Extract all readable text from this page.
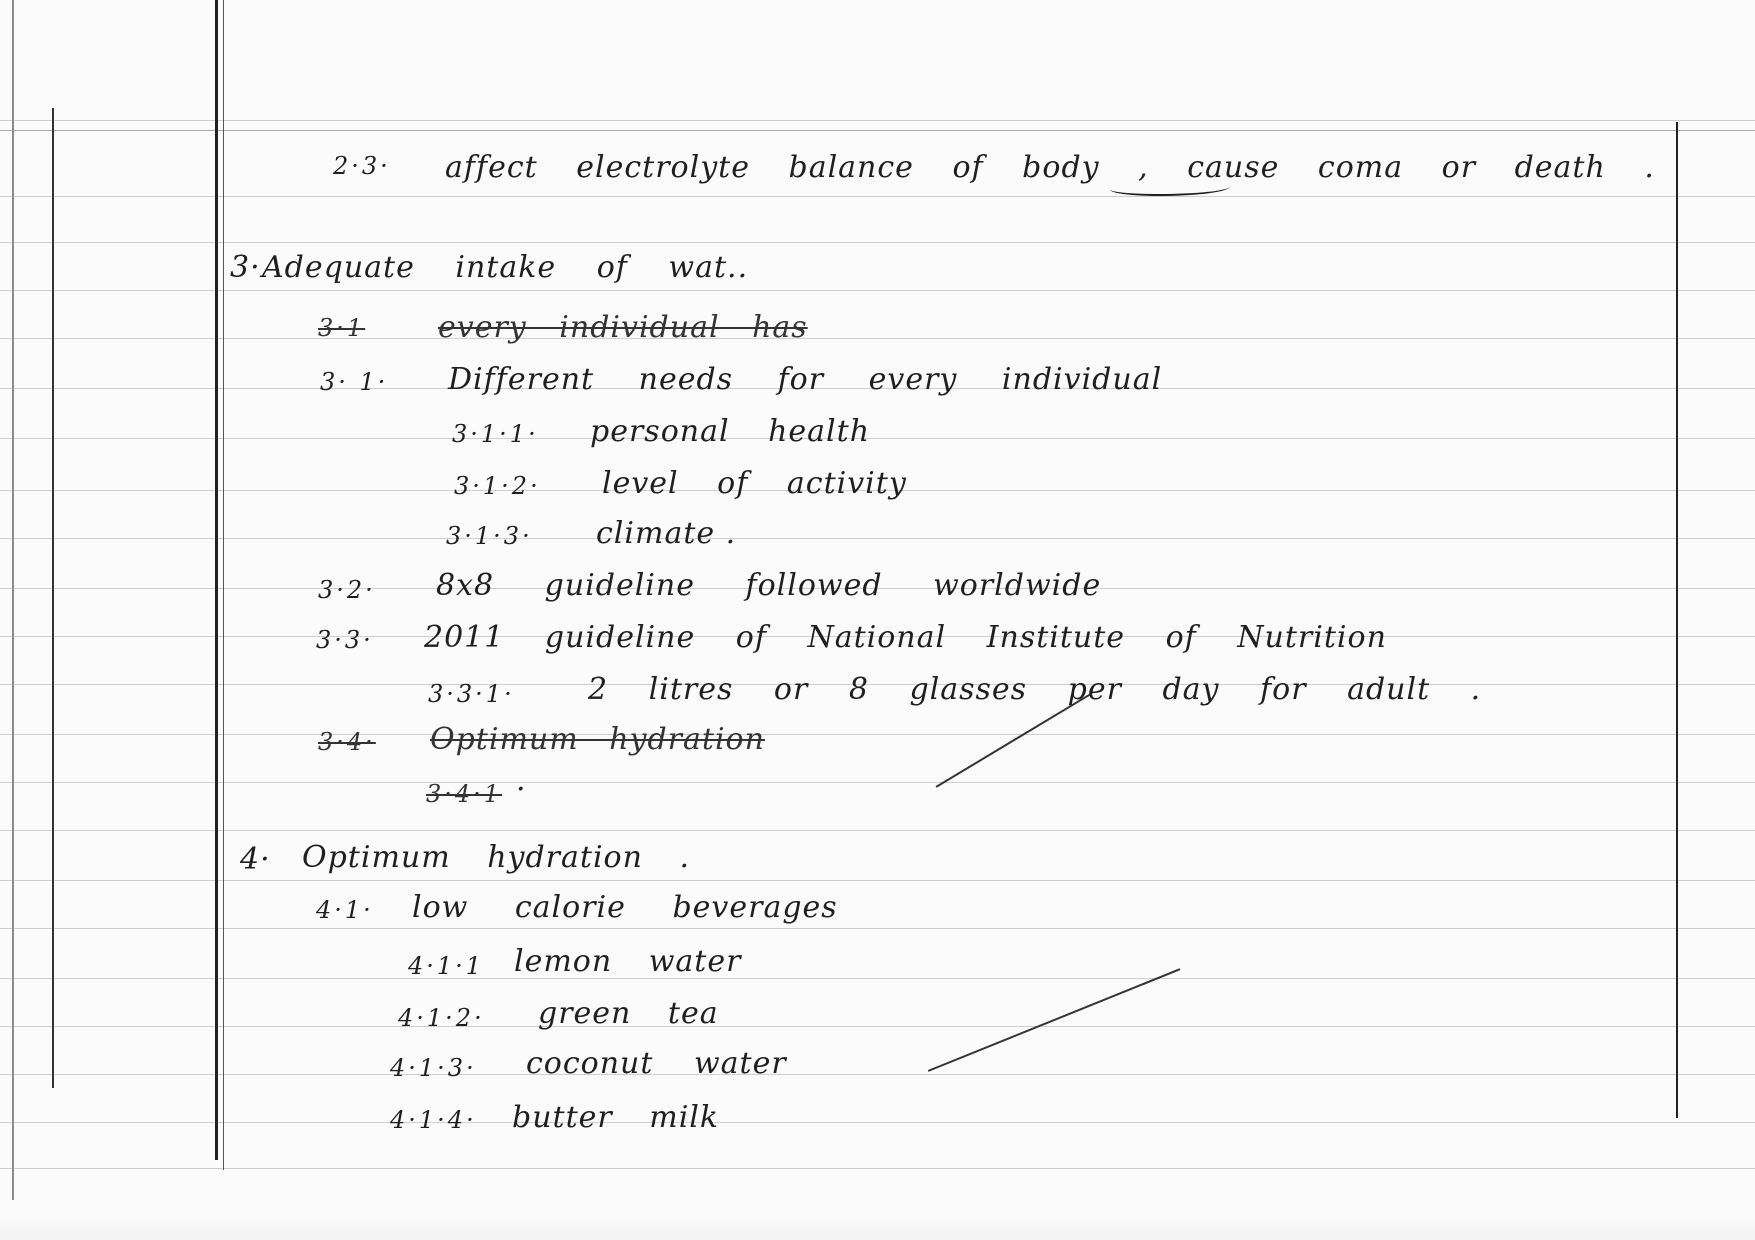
2·3· affect electrolyte balance of body , cause coma or death .
3· Adequate intake of wat..
3·1 every individual has
3· 1· Different needs for every individual
3·1·1· personal health
3·1·2· level of activity
3·1·3· climate .
3·2· 8x8 guideline followed worldwide
3·3· 2011 guideline of National Institute of Nutrition
3·3·1· 2 litres or 8 glasses per day for adult .
3·4· Optimum hydration
3·4·1 ·
4· Optimum hydration .
4·1· low calorie beverages
4·1·1 lemon water
4·1·2· green tea
4·1·3· coconut water
4·1·4· butter milk
